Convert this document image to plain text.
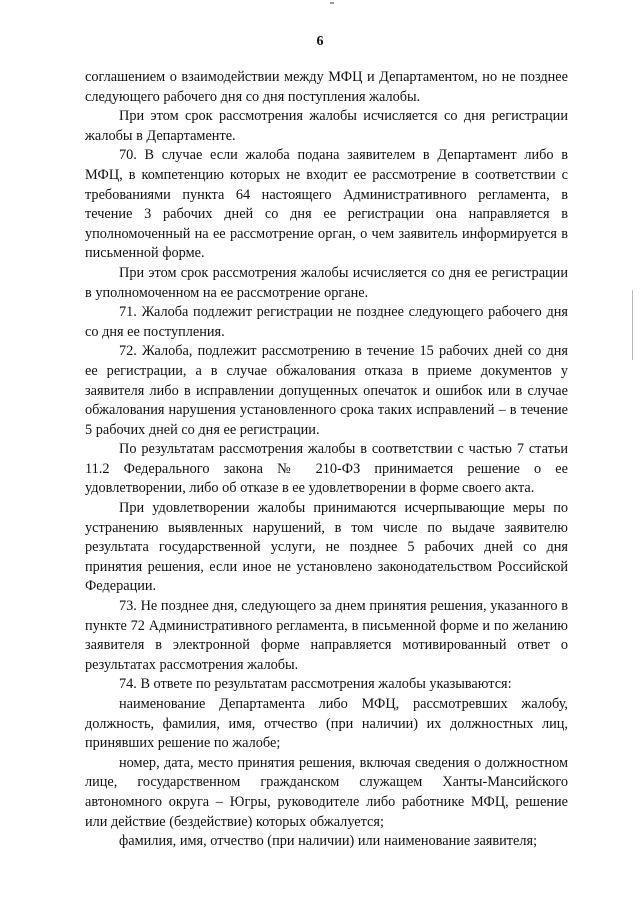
6

соглашением о взаимодействии между МФЦ и Департаментом, но не позднее следующего рабочего дня со дня поступления жалобы.

При этом срок рассмотрения жалобы исчисляется со дня регистрации жалобы в Департаменте.

70. В случае если жалоба подана заявителем в Департамент либо в МФЦ, в компетенцию которых не входит ее рассмотрение в соответствии с требованиями пункта 64 настоящего Административного регламента, в течение 3 рабочих дней со дня ее регистрации она направляется в уполномоченный на ее рассмотрение орган, о чем заявитель информируется в письменной форме.

При этом срок рассмотрения жалобы исчисляется со дня ее регистрации в уполномоченном на ее рассмотрение органе.

71. Жалоба подлежит регистрации не позднее следующего рабочего дня со дня ее поступления.

72. Жалоба, подлежит рассмотрению в течение 15 рабочих дней со дня ее регистрации, а в случае обжалования отказа в приеме документов у заявителя либо в исправлении допущенных опечаток и ошибок или в случае обжалования нарушения установленного срока таких исправлений – в течение 5 рабочих дней со дня ее регистрации.

По результатам рассмотрения жалобы в соответствии с частью 7 статьи 11.2 Федерального закона № 210-ФЗ принимается решение о ее удовлетворении, либо об отказе в ее удовлетворении в форме своего акта.

При удовлетворении жалобы принимаются исчерпывающие меры по устранению выявленных нарушений, в том числе по выдаче заявителю результата государственной услуги, не позднее 5 рабочих дней со дня принятия решения, если иное не установлено законодательством Российской Федерации.

73. Не позднее дня, следующего за днем принятия решения, указанного в пункте 72 Административного регламента, в письменной форме и по желанию заявителя в электронной форме направляется мотивированный ответ о результатах рассмотрения жалобы.

74. В ответе по результатам рассмотрения жалобы указываются:

наименование Департамента либо МФЦ, рассмотревших жалобу, должность, фамилия, имя, отчество (при наличии) их должностных лиц, принявших решение по жалобе;

номер, дата, место принятия решения, включая сведения о должностном лице, государственном гражданском служащем Ханты-Мансийского автономного округа – Югры, руководителе либо работнике МФЦ, решение или действие (бездействие) которых обжалуется;

фамилия, имя, отчество (при наличии) или наименование заявителя;
